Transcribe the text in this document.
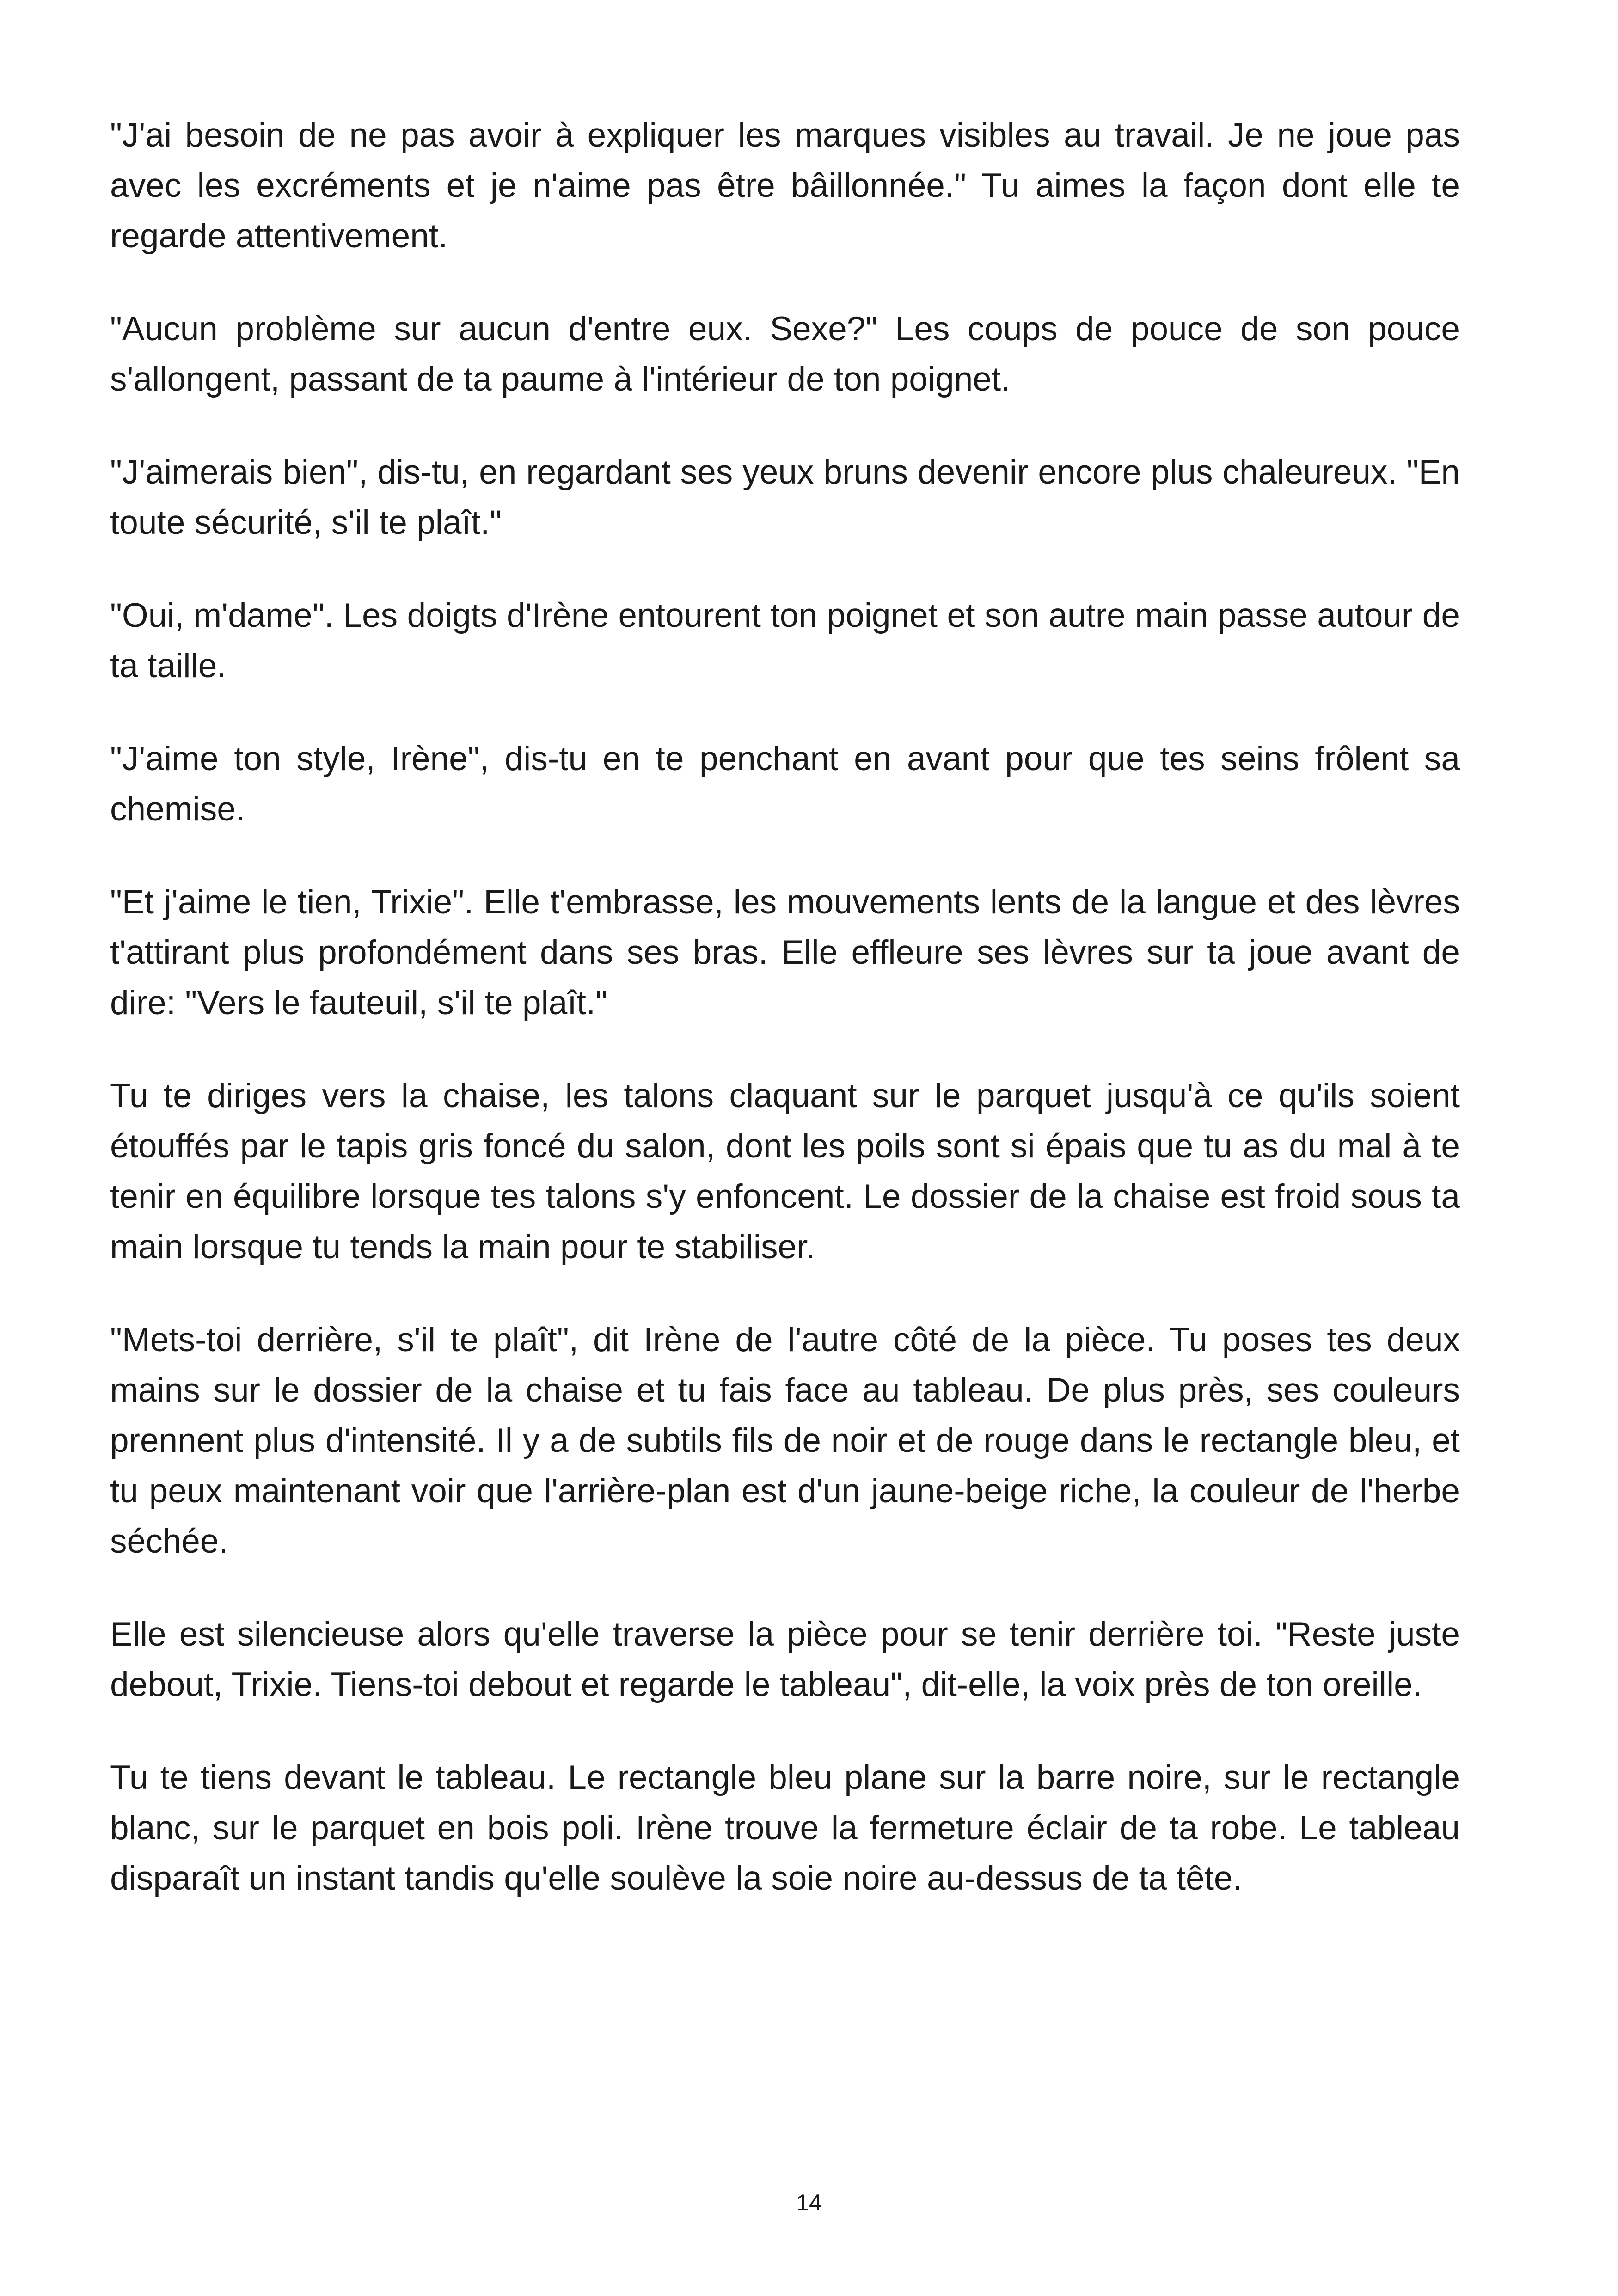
"J'ai besoin de ne pas avoir à expliquer les marques visibles au travail. Je ne joue pas avec les excréments et je n'aime pas être bâillonnée." Tu aimes la façon dont elle te regarde attentivement.

"Aucun problème sur aucun d'entre eux. Sexe?" Les coups de pouce de son pouce s'allongent, passant de ta paume à l'intérieur de ton poignet.

"J'aimerais bien", dis-tu, en regardant ses yeux bruns devenir encore plus chaleureux. "En toute sécurité, s'il te plaît."

"Oui, m'dame". Les doigts d'Irène entourent ton poignet et son autre main passe autour de ta taille.

"J'aime ton style, Irène", dis-tu en te penchant en avant pour que tes seins frôlent sa chemise.

"Et j'aime le tien, Trixie". Elle t'embrasse, les mouvements lents de la langue et des lèvres t'attirant plus profondément dans ses bras. Elle effleure ses lèvres sur ta joue avant de dire: "Vers le fauteuil, s'il te plaît."

Tu te diriges vers la chaise, les talons claquant sur le parquet jusqu'à ce qu'ils soient étouffés par le tapis gris foncé du salon, dont les poils sont si épais que tu as du mal à te tenir en équilibre lorsque tes talons s'y enfoncent. Le dossier de la chaise est froid sous ta main lorsque tu tends la main pour te stabiliser.

"Mets-toi derrière, s'il te plaît", dit Irène de l'autre côté de la pièce. Tu poses tes deux mains sur le dossier de la chaise et tu fais face au tableau. De plus près, ses couleurs prennent plus d'intensité. Il y a de subtils fils de noir et de rouge dans le rectangle bleu, et tu peux maintenant voir que l'arrière-plan est d'un jaune-beige riche, la couleur de l'herbe séchée.

Elle est silencieuse alors qu'elle traverse la pièce pour se tenir derrière toi. "Reste juste debout, Trixie. Tiens-toi debout et regarde le tableau", dit-elle, la voix près de ton oreille.

Tu te tiens devant le tableau. Le rectangle bleu plane sur la barre noire, sur le rectangle blanc, sur le parquet en bois poli. Irène trouve la fermeture éclair de ta robe. Le tableau disparaît un instant tandis qu'elle soulève la soie noire au-dessus de ta tête.

14
